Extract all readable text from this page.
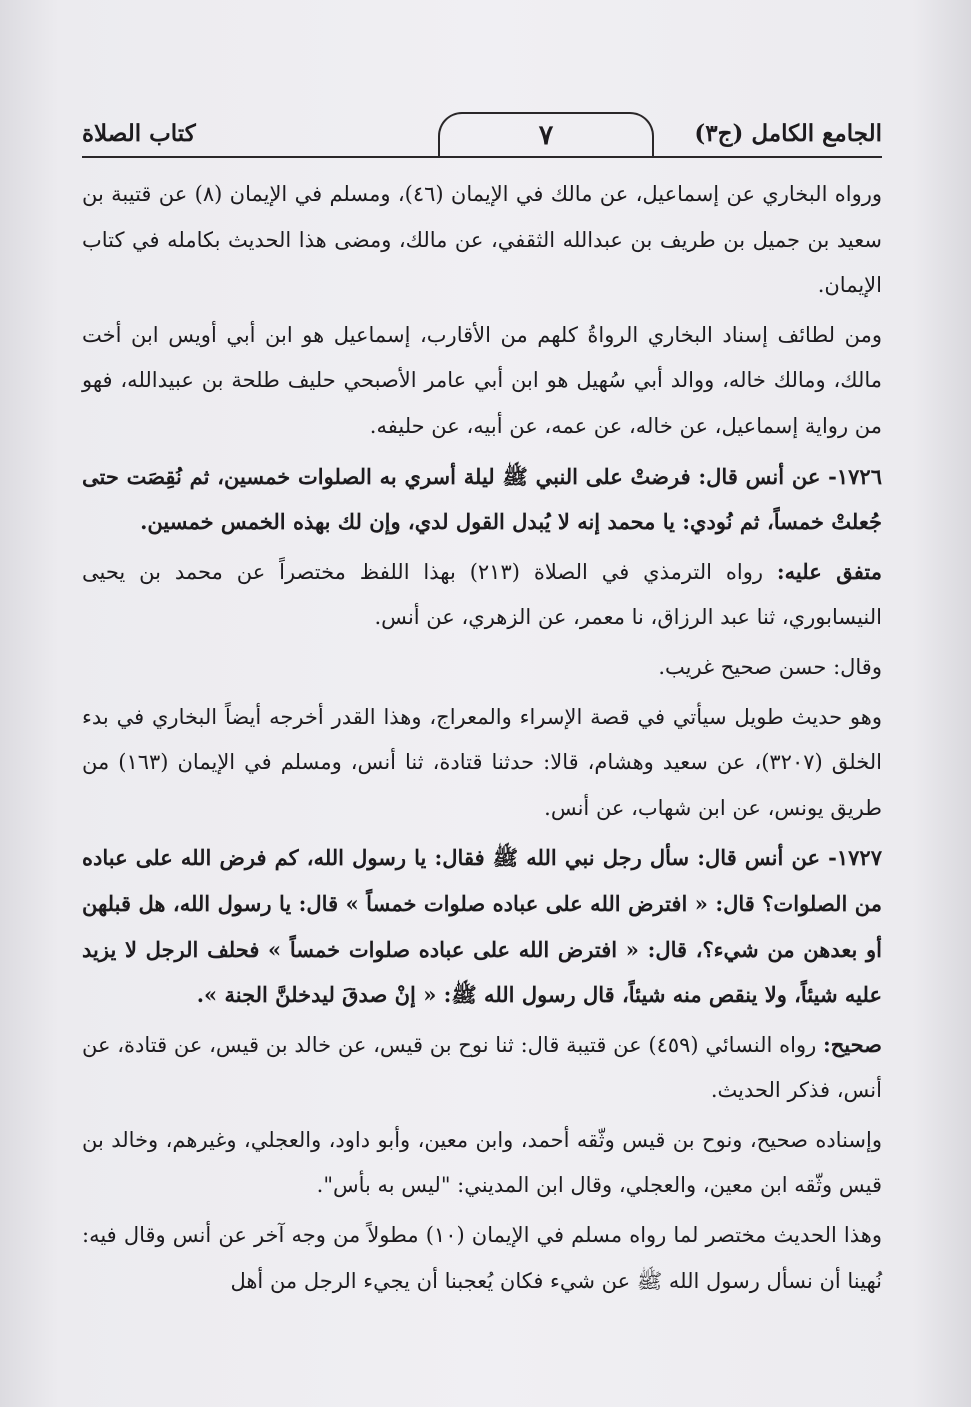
الجامع الكامل (ج٣)
٧
كتاب الصلاة

ورواه البخاري عن إسماعيل، عن مالك في الإيمان (٤٦)، ومسلم في الإيمان (٨) عن قتيبة بن سعيد بن جميل بن طريف بن عبدالله الثقفي، عن مالك، ومضى هذا الحديث بكامله في كتاب الإيمان.

ومن لطائف إسناد البخاري الرواةُ كلهم من الأقارب، إسماعيل هو ابن أبي أويس ابن أخت مالك، ومالك خاله، ووالد أبي سُهيل هو ابن أبي عامر الأصبحي حليف طلحة بن عبيدالله، فهو من رواية إسماعيل، عن خاله، عن عمه، عن أبيه، عن حليفه.

١٧٢٦- عن أنس قال: فرضتْ على النبي ﷺ ليلة أسري به الصلوات خمسين، ثم نُقِصَت حتى جُعلتْ خمساً، ثم نُودي: يا محمد إنه لا يُبدل القول لدي، وإن لك بهذه الخمس خمسين.

متفق عليه: رواه الترمذي في الصلاة (٢١٣) بهذا اللفظ مختصراً عن محمد بن يحيى النيسابوري، ثنا عبد الرزاق، نا معمر، عن الزهري، عن أنس.

وقال: حسن صحيح غريب.

وهو حديث طويل سيأتي في قصة الإسراء والمعراج، وهذا القدر أخرجه أيضاً البخاري في بدء الخلق (٣٢٠٧)، عن سعيد وهشام، قالا: حدثنا قتادة، ثنا أنس، ومسلم في الإيمان (١٦٣) من طريق يونس، عن ابن شهاب، عن أنس.

١٧٢٧- عن أنس قال: سأل رجل نبي الله ﷺ فقال: يا رسول الله، كم فرض الله على عباده من الصلوات؟ قال: « افترض الله على عباده صلوات خمساً » قال: يا رسول الله، هل قبلهن أو بعدهن من شيء؟، قال: « افترض الله على عباده صلوات خمساً » فحلف الرجل لا يزيد عليه شيئاً، ولا ينقص منه شيئاً، قال رسول الله ﷺ: « إنْ صدقَ ليدخلنَّ الجنة ».

صحيح: رواه النسائي (٤٥٩) عن قتيبة قال: ثنا نوح بن قيس، عن خالد بن قيس، عن قتادة، عن أنس، فذكر الحديث.

وإسناده صحيح، ونوح بن قيس وثّقه أحمد، وابن معين، وأبو داود، والعجلي، وغيرهم، وخالد بن قيس وثّقه ابن معين، والعجلي، وقال ابن المديني: "ليس به بأس".

وهذا الحديث مختصر لما رواه مسلم في الإيمان (١٠) مطولاً من وجه آخر عن أنس وقال فيه: نُهينا أن نسأل رسول الله ﷺ عن شيء فكان يُعجبنا أن يجيء الرجل من أهل
